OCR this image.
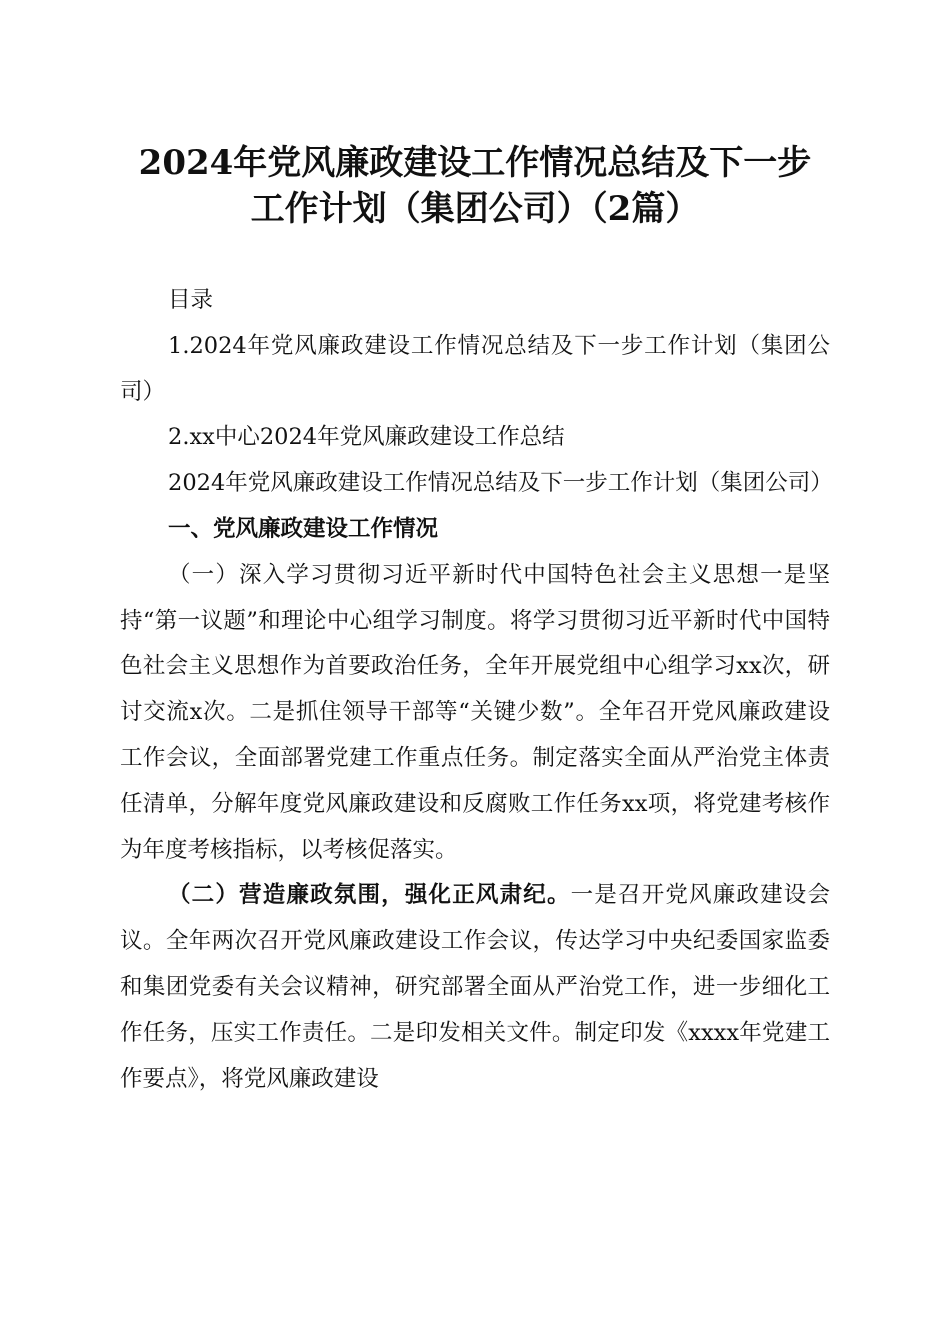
2024年党风廉政建设工作情况总结及下一步
工作计划（集团公司）（2篇）

目录

1.2024年党风廉政建设工作情况总结及下一步工作计划（集团公司）

2.xx中心2024年党风廉政建设工作总结

2024年党风廉政建设工作情况总结及下一步工作计划（集团公司）

一、党风廉政建设工作情况

（一）深入学习贯彻习近平新时代中国特色社会主义思想一是坚持“第一议题”和理论中心组学习制度。将学习贯彻习近平新时代中国特色社会主义思想作为首要政治任务，全年开展党组中心组学习xx次，研讨交流x次。二是抓住领导干部等“关键少数”。全年召开党风廉政建设工作会议，全面部署党建工作重点任务。制定落实全面从严治党主体责任清单，分解年度党风廉政建设和反腐败工作任务xx项，将党建考核作为年度考核指标，以考核促落实。

（二）营造廉政氛围，强化正风肃纪。一是召开党风廉政建设会议。全年两次召开党风廉政建设工作会议，传达学习中央纪委国家监委和集团党委有关会议精神，研究部署全面从严治党工作，进一步细化工作任务，压实工作责任。二是印发相关文件。制定印发《xxxx年党建工作要点》，将党风廉政建设
